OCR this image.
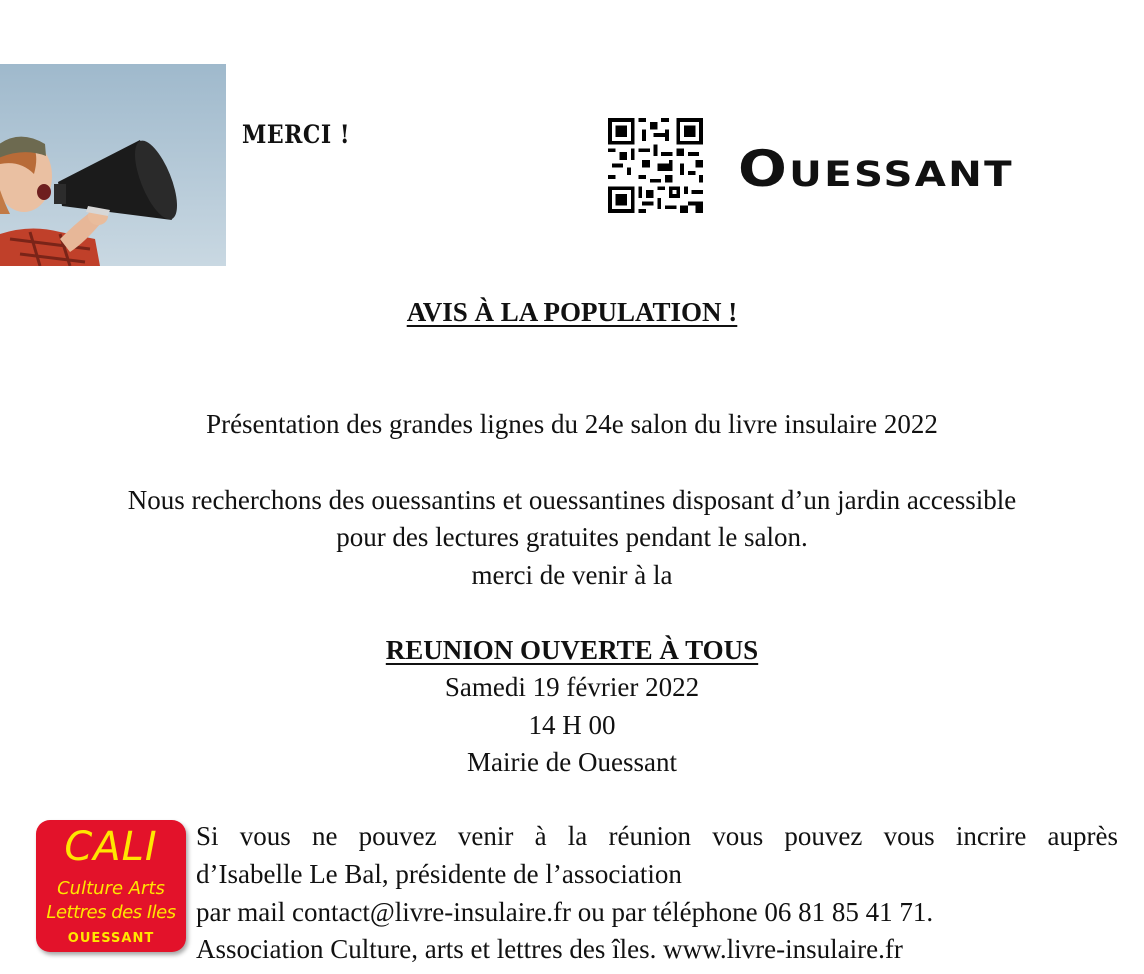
MERCI !
Ouessant
AVIS À LA POPULATION !
Présentation des grandes lignes du 24e salon du livre insulaire 2022
Nous recherchons des ouessantins et ouessantines disposant d’un jardin accessible
pour des lectures gratuites pendant le salon.
merci de venir à la
REUNION OUVERTE À TOUS
Samedi 19 février 2022
14 H 00
Mairie de Ouessant
CALI
Culture Arts
Lettres des Iles
OUESSANT
Si vous ne pouvez venir à la réunion vous pouvez vous incrire auprès
d’Isabelle Le Bal, présidente de l’association
par mail contact@livre-insulaire.fr ou par téléphone 06 81 85 41 71.
Association Culture, arts et lettres des îles. www.livre-insulaire.fr
